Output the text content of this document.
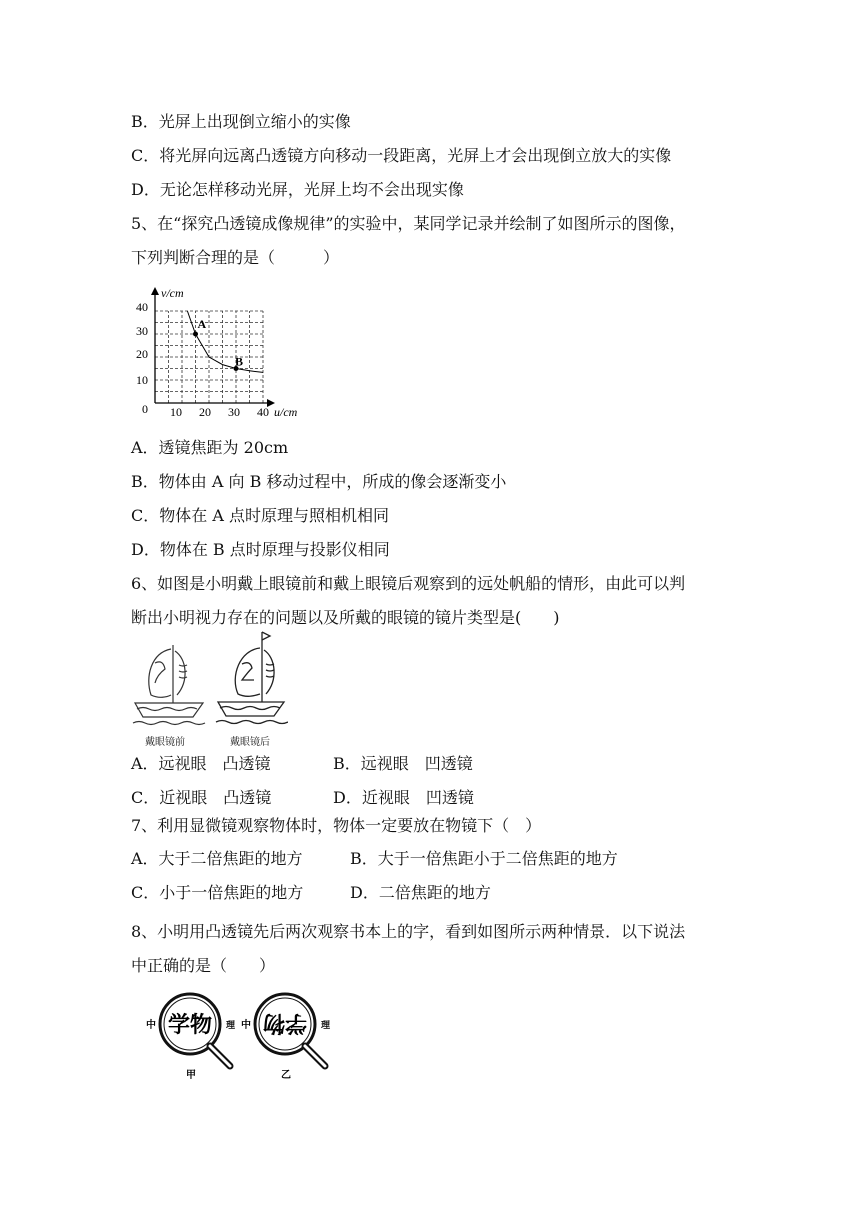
B．光屏上出现倒立缩小的实像
C．将光屏向远离凸透镜方向移动一段距离，光屏上才会出现倒立放大的实像
D．无论怎样移动光屏，光屏上均不会出现实像
5、在“探究凸透镜成像规律”的实验中，某同学记录并绘制了如图所示的图像，
下列判断合理的是（　　　）
v/cm
u/cm
0
10
20
30
40
10 20 30 40
A
B
A．透镜焦距为 20cm
B．物体由 A 向 B 移动过程中，所成的像会逐渐变小
C．物体在 A 点时原理与照相机相同
D．物体在 B 点时原理与投影仪相同
6、如图是小明戴上眼镜前和戴上眼镜后观察到的远处帆船的情形，由此可以判
断出小明视力存在的问题以及所戴的眼镜的镜片类型是(　　)
戴眼镜前	戴眼镜后
A．远视眼　凸透镜	B．远视眼　凹透镜
C．近视眼　凸透镜	D．近视眼　凹透镜
7、利用显微镜观察物体时，物体一定要放在物镜下（　）
A．大于二倍焦距的地方	B．大于一倍焦距小于二倍焦距的地方
C．小于一倍焦距的地方	D．二倍焦距的地方
8、小明用凸透镜先后两次观察书本上的字，看到如图所示两种情景．以下说法
中正确的是（　　）
中 学物 理
甲
中 学物 理
乙
